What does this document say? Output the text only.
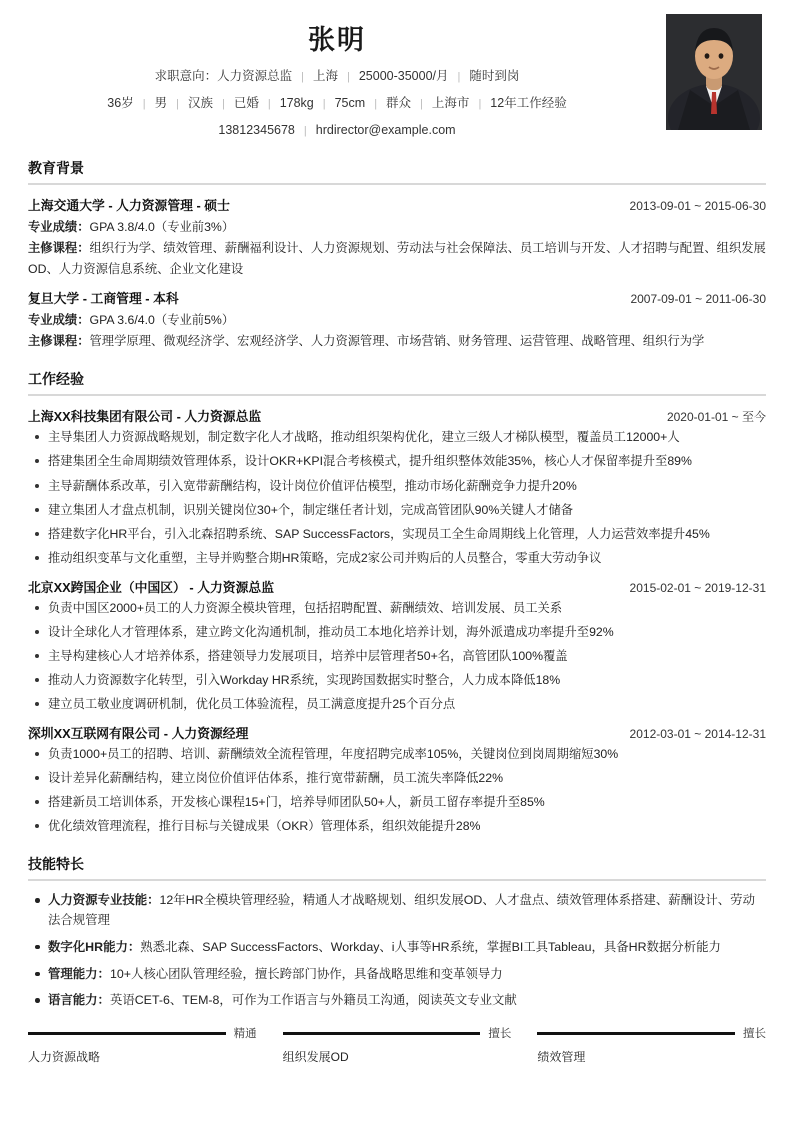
张明
求职意向：人力资源总监 | 上海 | 25000-35000/月 | 随时到岗
36岁 | 男 | 汉族 | 已婚 | 178kg | 75cm | 群众 | 上海市 | 12年工作经验
13812345678 | hrdirector@example.com
教育背景
上海交通大学 - 人力资源管理 - 硕士	2013-09-01 ~ 2015-06-30
专业成绩：GPA 3.8/4.0（专业前3%）
主修课程：组织行为学、绩效管理、薪酬福利设计、人力资源规划、劳动法与社会保障法、员工培训与开发、人才招聘与配置、组织发展OD、人力资源信息系统、企业文化建设
复旦大学 - 工商管理 - 本科	2007-09-01 ~ 2011-06-30
专业成绩：GPA 3.6/4.0（专业前5%）
主修课程：管理学原理、微观经济学、宏观经济学、人力资源管理、市场营销、财务管理、运营管理、战略管理、组织行为学
工作经验
上海XX科技集团有限公司 - 人力资源总监	2020-01-01 ~ 至今
主导集团人力资源战略规划，制定数字化人才战略，推动组织架构优化，建立三级人才梯队模型，覆盖员工12000+人
搭建集团全生命周期绩效管理体系，设计OKR+KPI混合考核模式，提升组织整体效能35%，核心人才保留率提升至89%
主导薪酬体系改革，引入宽带薪酬结构，设计岗位价值评估模型，推动市场化薪酬竞争力提升20%
建立集团人才盘点机制，识别关键岗位30+个，制定继任者计划，完成高管团队90%关键人才储备
搭建数字化HR平台，引入北森招聘系统、SAP SuccessFactors，实现员工全生命周期线上化管理，人力运营效率提升45%
推动组织变革与文化重塑，主导并购整合期HR策略，完成2家公司并购后的人员整合，零重大劳动争议
北京XX跨国企业（中国区） - 人力资源总监	2015-02-01 ~ 2019-12-31
负责中国区2000+员工的人力资源全模块管理，包括招聘配置、薪酬绩效、培训发展、员工关系
设计全球化人才管理体系，建立跨文化沟通机制，推动员工本地化培养计划，海外派遣成功率提升至92%
主导构建核心人才培养体系，搭建领导力发展项目，培养中层管理者50+名，高管团队100%覆盖
推动人力资源数字化转型，引入Workday HR系统，实现跨国数据实时整合，人力成本降低18%
建立员工敬业度调研机制，优化员工体验流程，员工满意度提升25个百分点
深圳XX互联网有限公司 - 人力资源经理	2012-03-01 ~ 2014-12-31
负责1000+员工的招聘、培训、薪酬绩效全流程管理，年度招聘完成率105%，关键岗位到岗周期缩短30%
设计差异化薪酬结构，建立岗位价值评估体系，推行宽带薪酬，员工流失率降低22%
搭建新员工培训体系，开发核心课程15+门，培养导师团队50+人，新员工留存率提升至85%
优化绩效管理流程，推行目标与关键成果（OKR）管理体系，组织效能提升28%
技能特长
人力资源专业技能：12年HR全模块管理经验，精通人才战略规划、组织发展OD、人才盘点、绩效管理体系搭建、薪酬设计、劳动法合规管理
数字化HR能力：熟悉北森、SAP SuccessFactors、Workday、i人事等HR系统，掌握BI工具Tableau，具备HR数据分析能力
管理能力：10+人核心团队管理经验，擅长跨部门协作，具备战略思维和变革领导力
语言能力：英语CET-6、TEM-8，可作为工作语言与外籍员工沟通，阅读英文专业文献
精通
人力资源战略
擅长
组织发展OD
擅长
绩效管理
